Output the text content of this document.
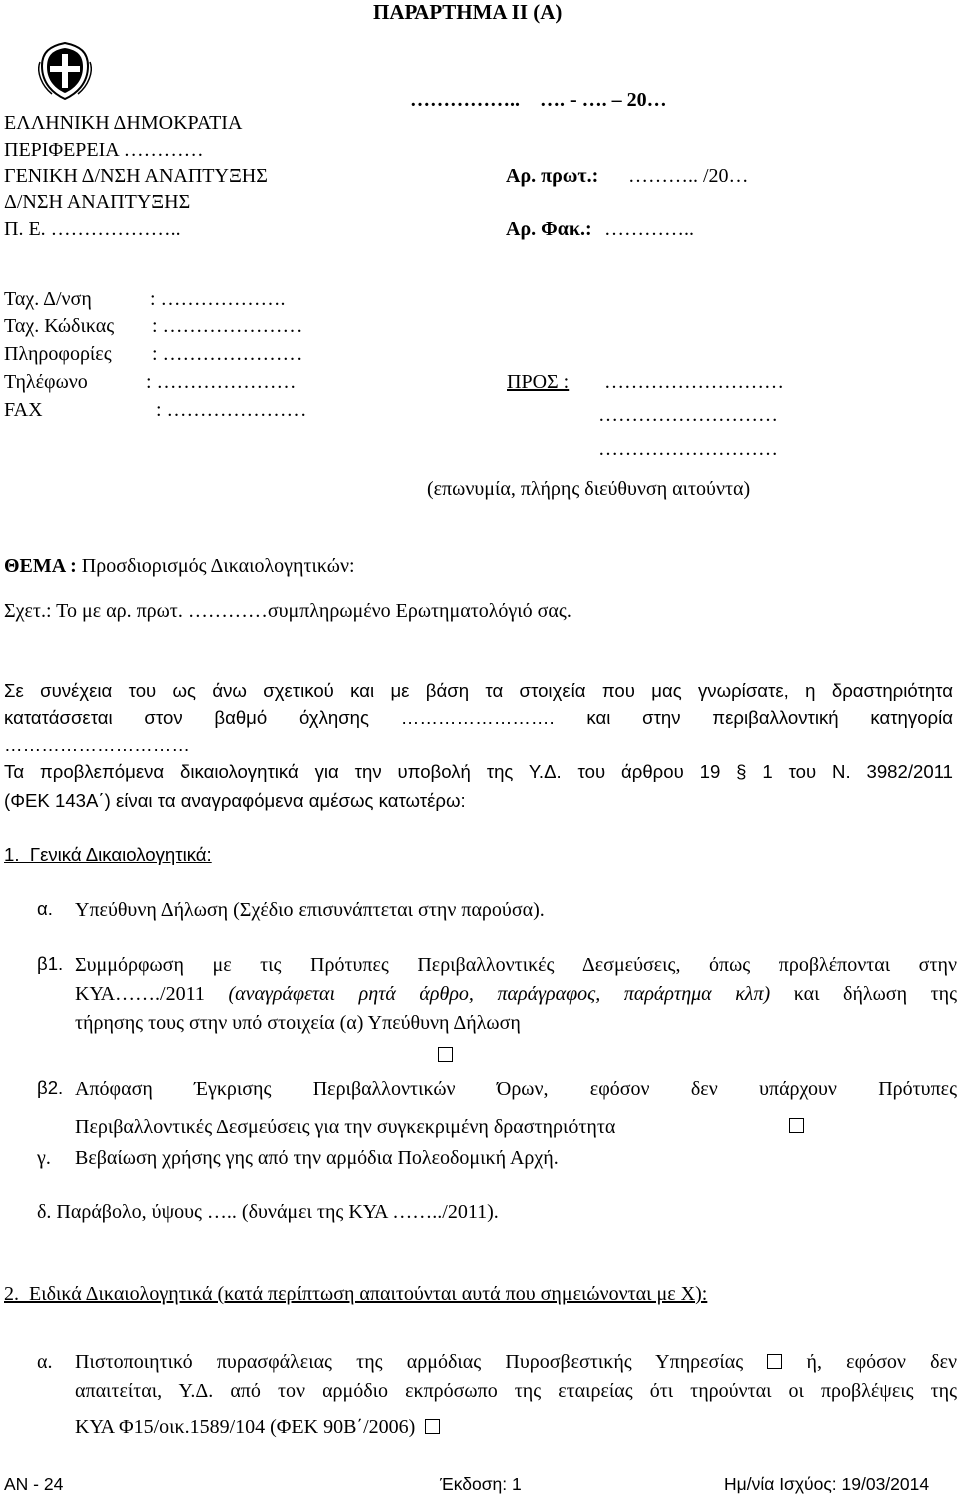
ΠΑΡΑΡΤΗΜΑ ΙΙ (Α)
ΕΛΛΗΝΙΚΗ ΔΗΜΟΚΡΑΤΙΑ
ΠΕΡΙΦΕΡΕΙΑ …………
ΓΕΝΙΚΗ Δ/ΝΣΗ ΑΝΑΠΤΥΞΗΣ
Δ/ΝΣΗ ΑΝΑΠΤΥΞΗΣ
Π. Ε. ………………..
……………..    …. - …. – 20…
Αρ. πρωτ.: ……….. /20…
Αρ. Φακ.: …………..
Ταχ. Δ/νση	: ……………….
Ταχ. Κώδικας : …………………
Πληροφορίες : …………………
Τηλέφωνο	: …………………
FAX	: …………………
ΠΡΟΣ : ………………………
………………………
………………………
(επωνυμία, πλήρης διεύθυνση αιτούντα)
ΘΕΜΑ : Προσδιορισμός Δικαιολογητικών:
Σχετ.: Το με αρ. πρωτ. …………συμπληρωμένο Ερωτηματολόγιό σας.
Σε συνέχεια του ως άνω σχετικού και με βάση τα στοιχεία που μας γνωρίσατε, η δραστηριότητα
κατατάσσεται στον βαθμό όχλησης ……………………. και στην περιβαλλοντική κατηγορία
…………………………
Τα προβλεπόμενα δικαιολογητικά για την υποβολή της Υ.Δ. του άρθρου 19 § 1 του Ν. 3982/2011
(ΦΕΚ 143Α΄) είναι τα αναγραφόμενα αμέσως κατωτέρω:
1.  Γενικά Δικαιολογητικά:
α. Υπεύθυνη Δήλωση (Σχέδιο επισυνάπτεται στην παρούσα).
β1. Συμμόρφωση με τις Πρότυπες Περιβαλλοντικές Δεσμεύσεις, όπως προβλέπονται στην
ΚΥΑ……./2011 (αναγράφεται ρητά άρθρο, παράγραφος, παράρτημα κλπ) και δήλωση της
τήρησης τους στην υπό στοιχεία (α) Υπεύθυνη Δήλωση
β2. Απόφαση Έγκρισης Περιβαλλοντικών Όρων, εφόσον δεν υπάρχουν Πρότυπες
Περιβαλλοντικές Δεσμεύσεις για την συγκεκριμένη δραστηριότητα
γ. Βεβαίωση χρήσης γης από την αρμόδια Πολεοδομική Αρχή.
δ. Παράβολο, ύψους ….. (δυνάμει της ΚΥΑ ……../2011).
2.  Ειδικά Δικαιολογητικά (κατά περίπτωση απαιτούνται αυτά που σημειώνονται με Χ):
α. Πιστοποιητικό πυρασφάλειας της αρμόδιας Πυροσβεστικής Υπηρεσίας	ή, εφόσον δεν
απαιτείται, Υ.Δ. από τον αρμόδιο εκπρόσωπο της εταιρείας ότι τηρούνται οι προβλέψεις της
ΚΥΑ Φ15/οικ.1589/104 (ΦΕΚ 90Β΄/2006)
ΑΝ - 24	Έκδοση: 1	Ημ/νία Ισχύος: 19/03/2014
